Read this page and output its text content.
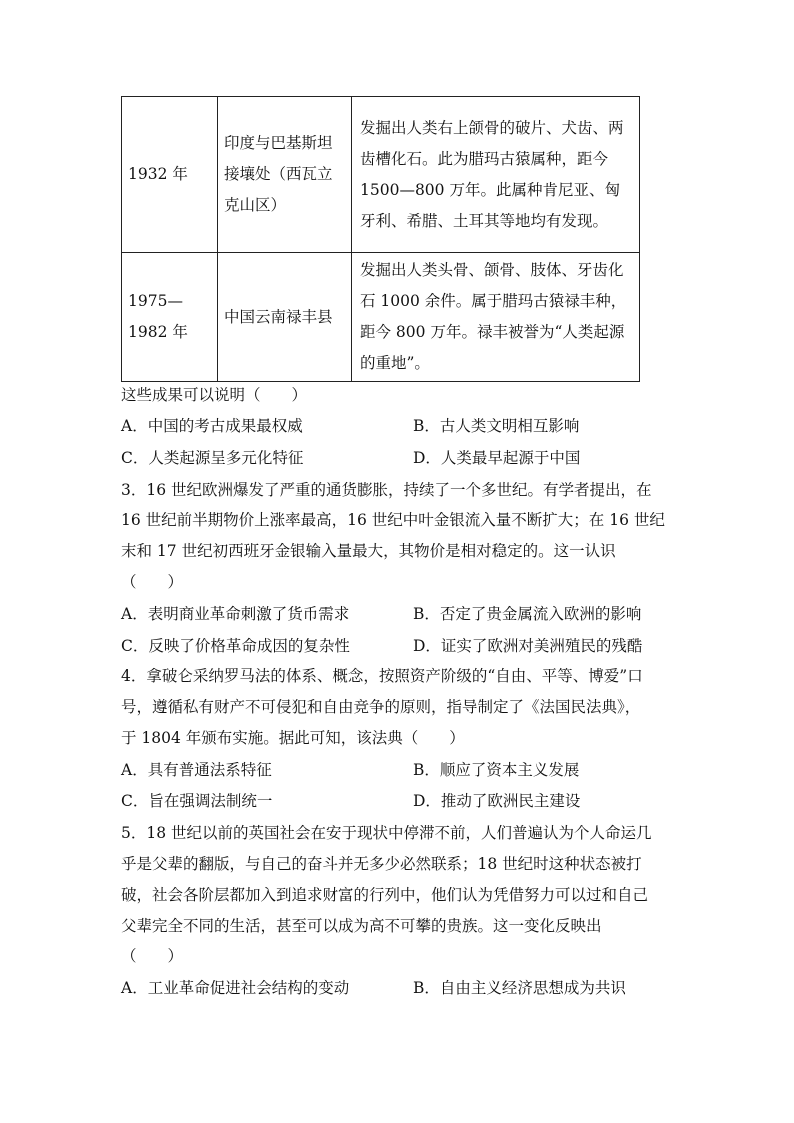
1932 年	印度与巴基斯坦接壤处（西瓦立克山区）	发掘出人类右上颌骨的破片、犬齿、两齿槽化石。此为腊玛古猿属种，距今 1500—800 万年。此属种肯尼亚、匈牙利、希腊、土耳其等地均有发现。
1975—1982 年	中国云南禄丰县	发掘出人类头骨、颌骨、肢体、牙齿化石 1000 余件。属于腊玛古猿禄丰种，距今 800 万年。禄丰被誉为“人类起源的重地”。
这些成果可以说明（　　）
A．中国的考古成果最权威	B．古人类文明相互影响
C．人类起源呈多元化特征	D．人类最早起源于中国
3．16 世纪欧洲爆发了严重的通货膨胀，持续了一个多世纪。有学者提出，在
16 世纪前半期物价上涨率最高，16 世纪中叶金银流入量不断扩大；在 16 世纪
末和 17 世纪初西班牙金银输入量最大，其物价是相对稳定的。这一认识
（　　）
A．表明商业革命刺激了货币需求	B．否定了贵金属流入欧洲的影响
C．反映了价格革命成因的复杂性	D．证实了欧洲对美洲殖民的残酷
4．拿破仑采纳罗马法的体系、概念，按照资产阶级的“自由、平等、博爱”口
号，遵循私有财产不可侵犯和自由竞争的原则，指导制定了《法国民法典》，
于 1804 年颁布实施。据此可知，该法典（　　）
A．具有普通法系特征	B．顺应了资本主义发展
C．旨在强调法制统一	D．推动了欧洲民主建设
5．18 世纪以前的英国社会在安于现状中停滞不前，人们普遍认为个人命运几
乎是父辈的翻版，与自己的奋斗并无多少必然联系；18 世纪时这种状态被打
破，社会各阶层都加入到追求财富的行列中，他们认为凭借努力可以过和自己
父辈完全不同的生活，甚至可以成为高不可攀的贵族。这一变化反映出
（　　）
A．工业革命促进社会结构的变动	B．自由主义经济思想成为共识
